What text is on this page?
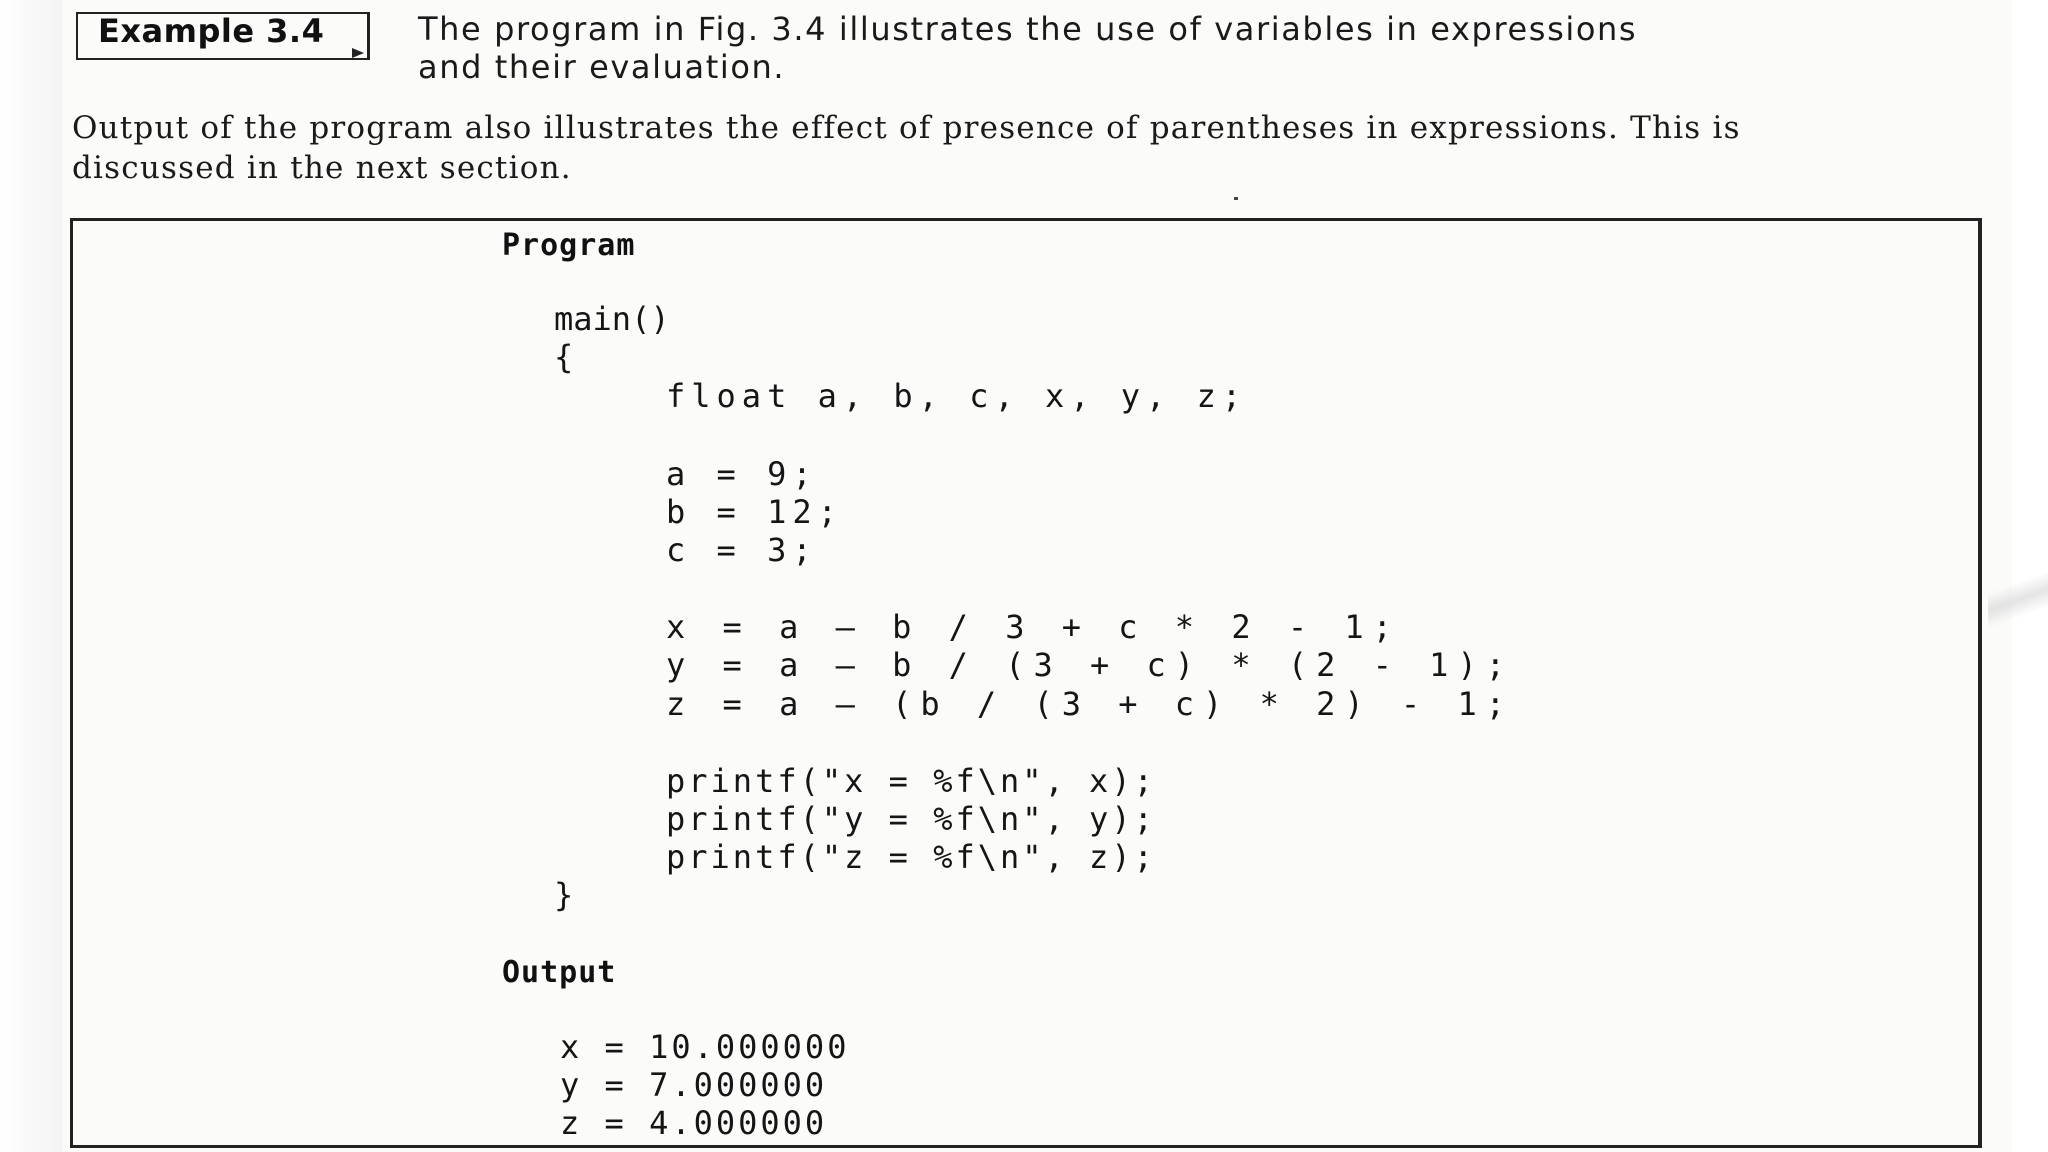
Example 3.4	The program in Fig. 3.4 illustrates the use of variables in expressions
and their evaluation.
Output of the program also illustrates the effect of presence of parentheses in expressions. This is
discussed in the next section.
Program
main()
{
float a, b, c, x, y, z;
a = 9;
b = 12;
c = 3;
x = a – b / 3 + c * 2 - 1;
y = a – b / (3 + c) * (2 - 1);
z = a – (b / (3 + c) * 2) - 1;
printf("x = %f\n", x);
printf("y = %f\n", y);
printf("z = %f\n", z);
}
Output
x = 10.000000
y = 7.000000
z = 4.000000
